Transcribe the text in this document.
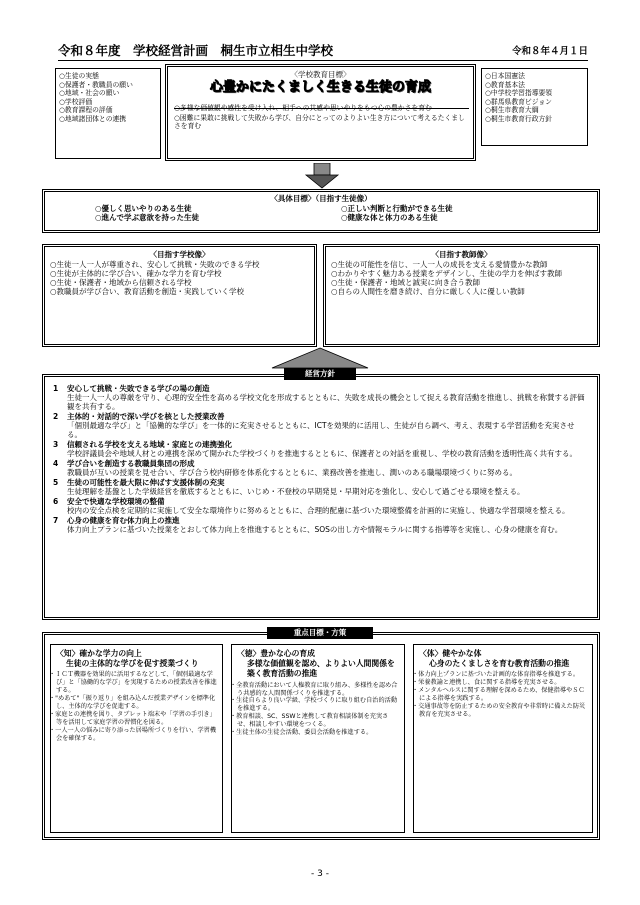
令和８年度　学校経営計画　桐生市立相生中学校	令和８年４月１日
○生徒の実態
○保護者・教職員の願い
○地域・社会の願い
○学校評価
○教育課程の評価
○地域諸団体との連携
〈学校教育目標〉
心豊かにたくましく生きる生徒の育成
○多様な価値観や感性を受け入れ、相手への共感や思いやりをもつ心の豊かさを育む
○困難に果敢に挑戦して失敗から学び、自分にとってのよりよい生き方について考えるたくましさを育む
○日本国憲法
○教育基本法
○中学校学習指導要領
○群馬県教育ビジョン
○桐生市教育大綱
○桐生市教育行政方針
〈具体目標〉（目指す生徒像）
○優しく思いやりのある生徒	○正しい判断と行動ができる生徒
○進んで学ぶ意欲を持った生徒	○健康な体と体力のある生徒
〈目指す学校像〉
○生徒一人一人が尊重され、安心して挑戦・失敗のできる学校
○生徒が主体的に学び合い、確かな学力を育む学校
○生徒・保護者・地域から信頼される学校
○教職員が学び合い、教育活動を創造・実践していく学校
〈目指す教師像〉
○生徒の可能性を信じ、一人一人の成長を支える愛情豊かな教師
○わかりやすく魅力ある授業をデザインし、生徒の学力を伸ばす教師
○生徒・保護者・地域と誠実に向き合う教師
○自らの人間性を磨き続け、自分に厳しく人に優しい教師
1 安心して挑戦・失敗できる学びの場の創造
生徒一人一人の尊厳を守り、心理的安全性を高める学校文化を形成するとともに、失敗を成長の機会として捉える教育活動を推進し、挑戦を称賛する評価観を共有する。
2 主体的・対話的で深い学びを核とした授業改善
「個別最適な学び」と「協働的な学び」を一体的に充実させるとともに、ICTを効果的に活用し、生徒が自ら調べ、考え、表現する学習活動を充実させる。
3 信頼される学校を支える地域・家庭との連携強化
学校評議員会や地域人材との連携を深めて開かれた学校づくりを推進するとともに、保護者との対話を重視し、学校の教育活動を透明性高く共有する。
4 学び合いを創造する教職員集団の形成
教職員が互いの授業を見せ合い、学び合う校内研修を体系化するとともに、業務改善を推進し、潤いのある職場環境づくりに努める。
5 生徒の可能性を最大限に伸ばす支援体制の充実
生徒理解を基盤とした学級経営を徹底するとともに、いじめ・不登校の早期発見・早期対応を強化し、安心して過ごせる環境を整える。
6 安全で快適な学校環境の整備
校内の安全点検を定期的に実施して安全な環境作りに努めるとともに、合理的配慮に基づいた環境整備を計画的に実施し、快適な学習環境を整える。
7 心身の健康を育む体力向上の推進
体力向上プランに基づいた授業をとおして体力向上を推進するとともに、SOSの出し方や情報モラルに関する指導等を実施し、心身の健康を育む。
経営方針
重点目標・方策
〈知〉確かな学力の向上
生徒の主体的な学びを促す授業づくり
・ＩＣＴ機器を効果的に活用するなどして、「個別最適な学び」と「協働的な学び」を実現するための授業改善を推進する。
・"めあて"「振り返り」を組み込んだ授業デザインを標準化し、主体的な学びを促進する。
・家庭との連携を図り、タブレット端末や「学習の手引き」等を活用して家庭学習の習慣化を図る。
・一人一人の悩みに寄り添った居場所づくりを行い、学習機会を確保する。
〈徳〉豊かな心の育成
多様な価値観を認め、よりよい人間関係を築く教育活動の推進
・全教育活動において人権教育に取り組み、多様性を認め合う共感的な人間関係づくりを推進する。
・生徒自らより良い学級、学校づくりに取り組む自治的活動を推進する。
・教育相談、SC、SSWと連携して教育相談体制を充実させ、相談しやすい環境をつくる。
・生徒主体の生徒会活動、委員会活動を推進する。
〈体〉健やかな体
心身のたくましさを育む教育活動の推進
・体力向上プランに基づいた計画的な体育指導を推進する。
・栄養教諭と連携し、食に関する指導を充実させる。
・メンタルヘルスに関する理解を深めるため、保健指導やＳＣによる指導を実践する。
・交通事故等を防止するための安全教育や非常時に備えた防災教育を充実させる。
- 3 -
